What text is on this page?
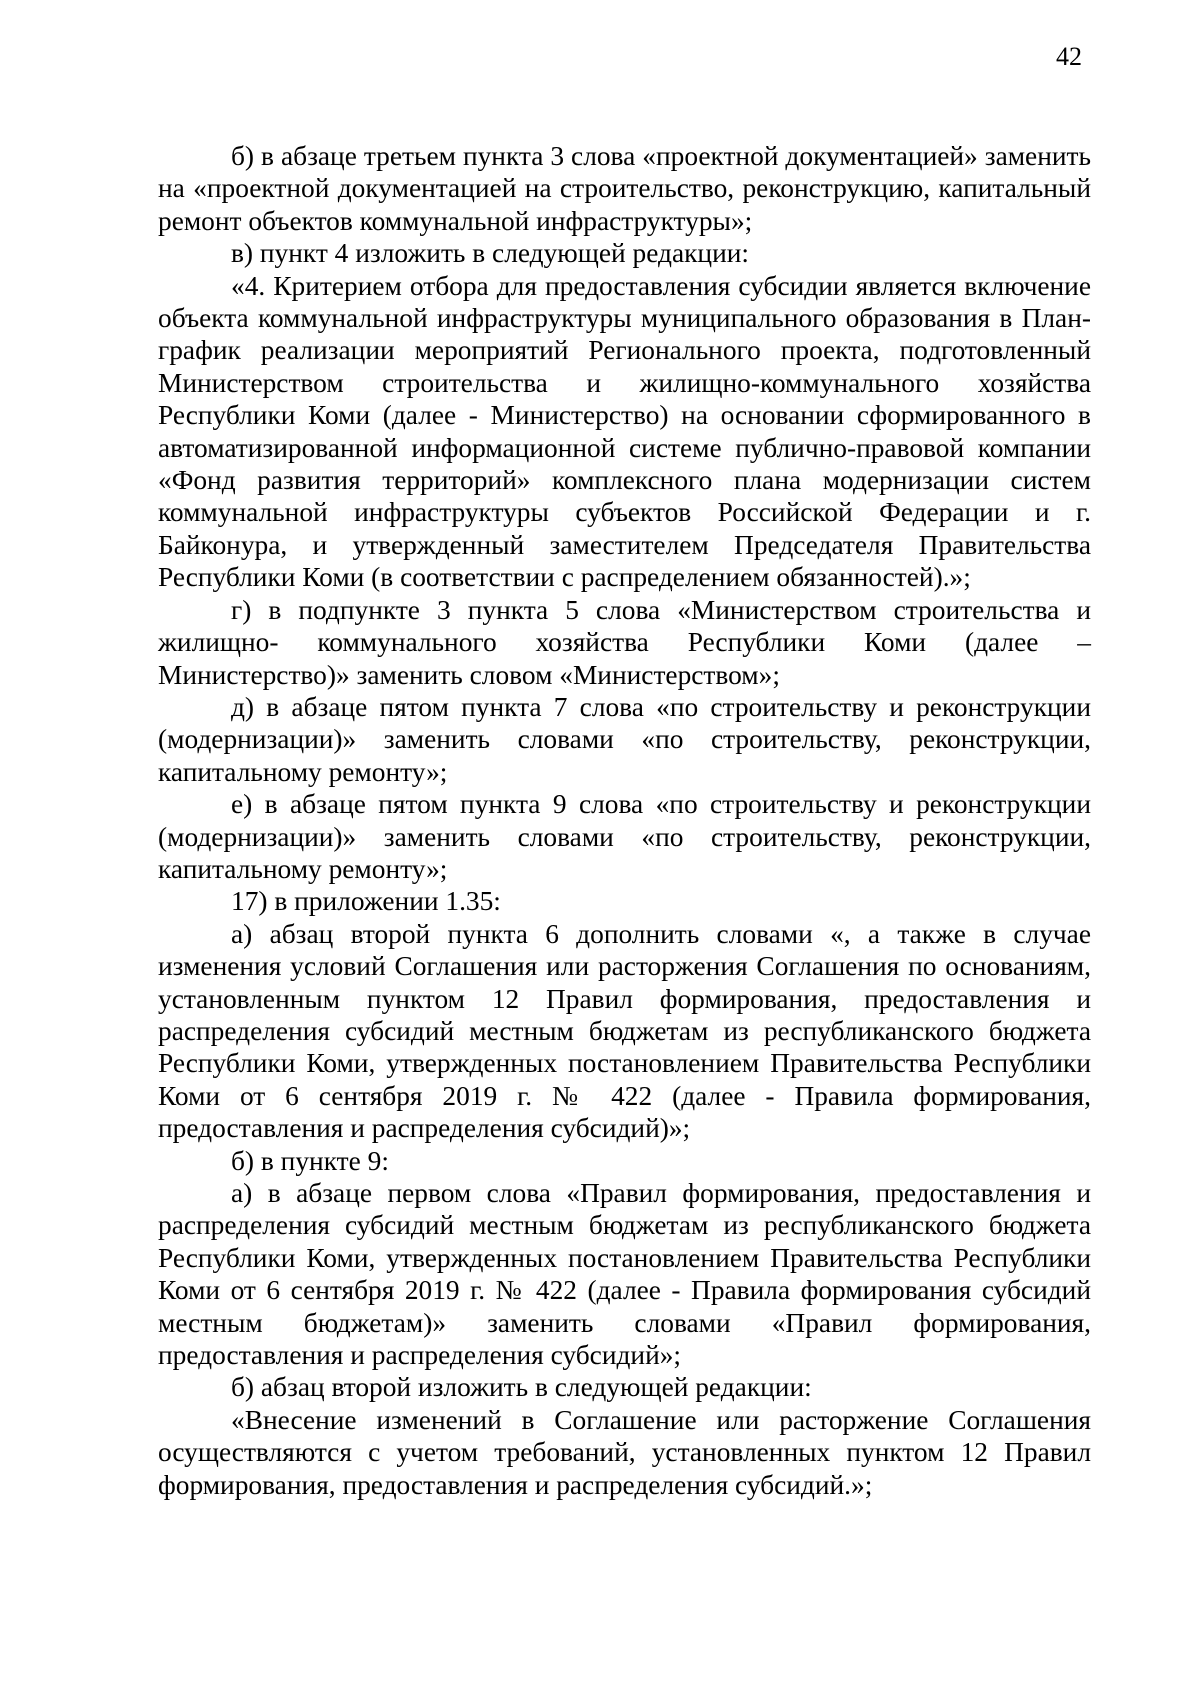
42

б) в абзаце третьем пункта 3 слова «проектной документацией» заменить на «проектной документацией на строительство, реконструкцию, капитальный ремонт объектов коммунальной инфраструктуры»;

в) пункт 4 изложить в следующей редакции:

«4. Критерием отбора для предоставления субсидии является включение объекта коммунальной инфраструктуры муниципального образования в План-график реализации мероприятий Регионального проекта, подготовленный Министерством строительства и жилищно-коммунального хозяйства Республики Коми (далее - Министерство) на основании сформированного в автоматизированной информационной системе публично-правовой компании «Фонд развития территорий» комплексного плана модернизации систем коммунальной инфраструктуры субъектов Российской Федерации и г. Байконура, и утвержденный заместителем Председателя Правительства Республики Коми (в соответствии с распределением обязанностей).»;

г) в подпункте 3 пункта 5 слова «Министерством строительства и жилищно- коммунального хозяйства Республики Коми (далее – Министерство)» заменить словом «Министерством»;

д) в абзаце пятом пункта 7 слова «по строительству и реконструкции (модернизации)» заменить словами «по строительству, реконструкции, капитальному ремонту»;

е) в абзаце пятом пункта 9 слова «по строительству и реконструкции (модернизации)» заменить словами «по строительству, реконструкции, капитальному ремонту»;

17) в приложении 1.35:

а) абзац второй пункта 6 дополнить словами «, а также в случае изменения условий Соглашения или расторжения Соглашения по основаниям, установленным пунктом 12 Правил формирования, предоставления и распределения субсидий местным бюджетам из республиканского бюджета Республики Коми, утвержденных постановлением Правительства Республики Коми от 6 сентября 2019 г. № 422 (далее - Правила формирования, предоставления и распределения субсидий)»;

б) в пункте 9:

а) в абзаце первом слова «Правил формирования, предоставления и распределения субсидий местным бюджетам из республиканского бюджета Республики Коми, утвержденных постановлением Правительства Республики Коми от 6 сентября 2019 г. № 422 (далее - Правила формирования субсидий местным бюджетам)» заменить словами «Правил формирования, предоставления и распределения субсидий»;

б) абзац второй изложить в следующей редакции:

«Внесение изменений в Соглашение или расторжение Соглашения осуществляются с учетом требований, установленных пунктом 12 Правил формирования, предоставления и распределения субсидий.»;
